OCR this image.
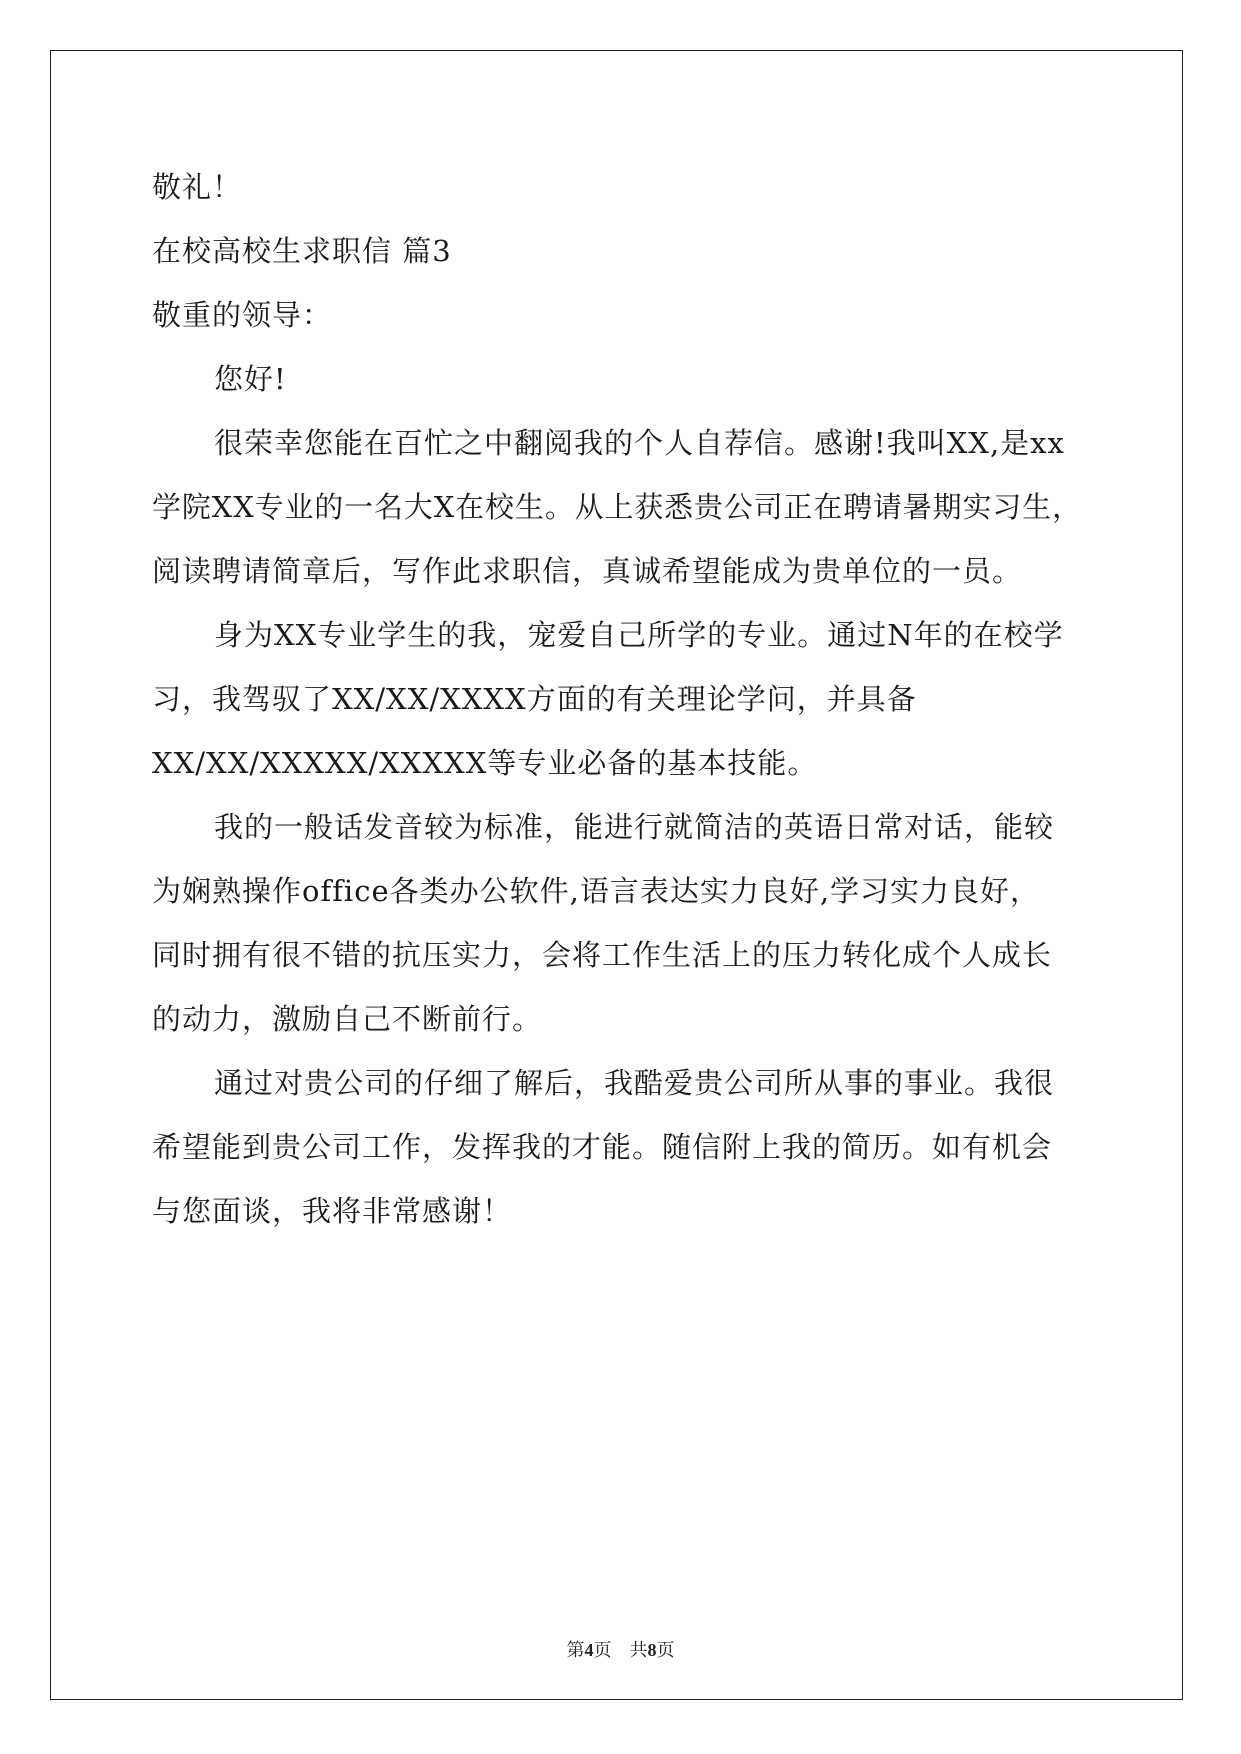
敬礼！
在校高校生求职信 篇3
敬重的领导：
您好!
很荣幸您能在百忙之中翻阅我的个人自荐信。感谢!我叫XX,是xx
学院XX专业的一名大X在校生。从上获悉贵公司正在聘请暑期实习生，
阅读聘请简章后，写作此求职信，真诚希望能成为贵单位的一员。
身为XX专业学生的我，宠爱自己所学的专业。通过N年的在校学
习，我驾驭了XX/XX/XXXX方面的有关理论学问，并具备
XX/XX/XXXXX/XXXXX等专业必备的基本技能。
我的一般话发音较为标准，能进行就简洁的英语日常对话，能较
为娴熟操作office各类办公软件,语言表达实力良好,学习实力良好，
同时拥有很不错的抗压实力，会将工作生活上的压力转化成个人成长
的动力，激励自己不断前行。
通过对贵公司的仔细了解后，我酷爱贵公司所从事的事业。我很
希望能到贵公司工作，发挥我的才能。随信附上我的简历。如有机会
与您面谈，我将非常感谢！
第4页 共8页
